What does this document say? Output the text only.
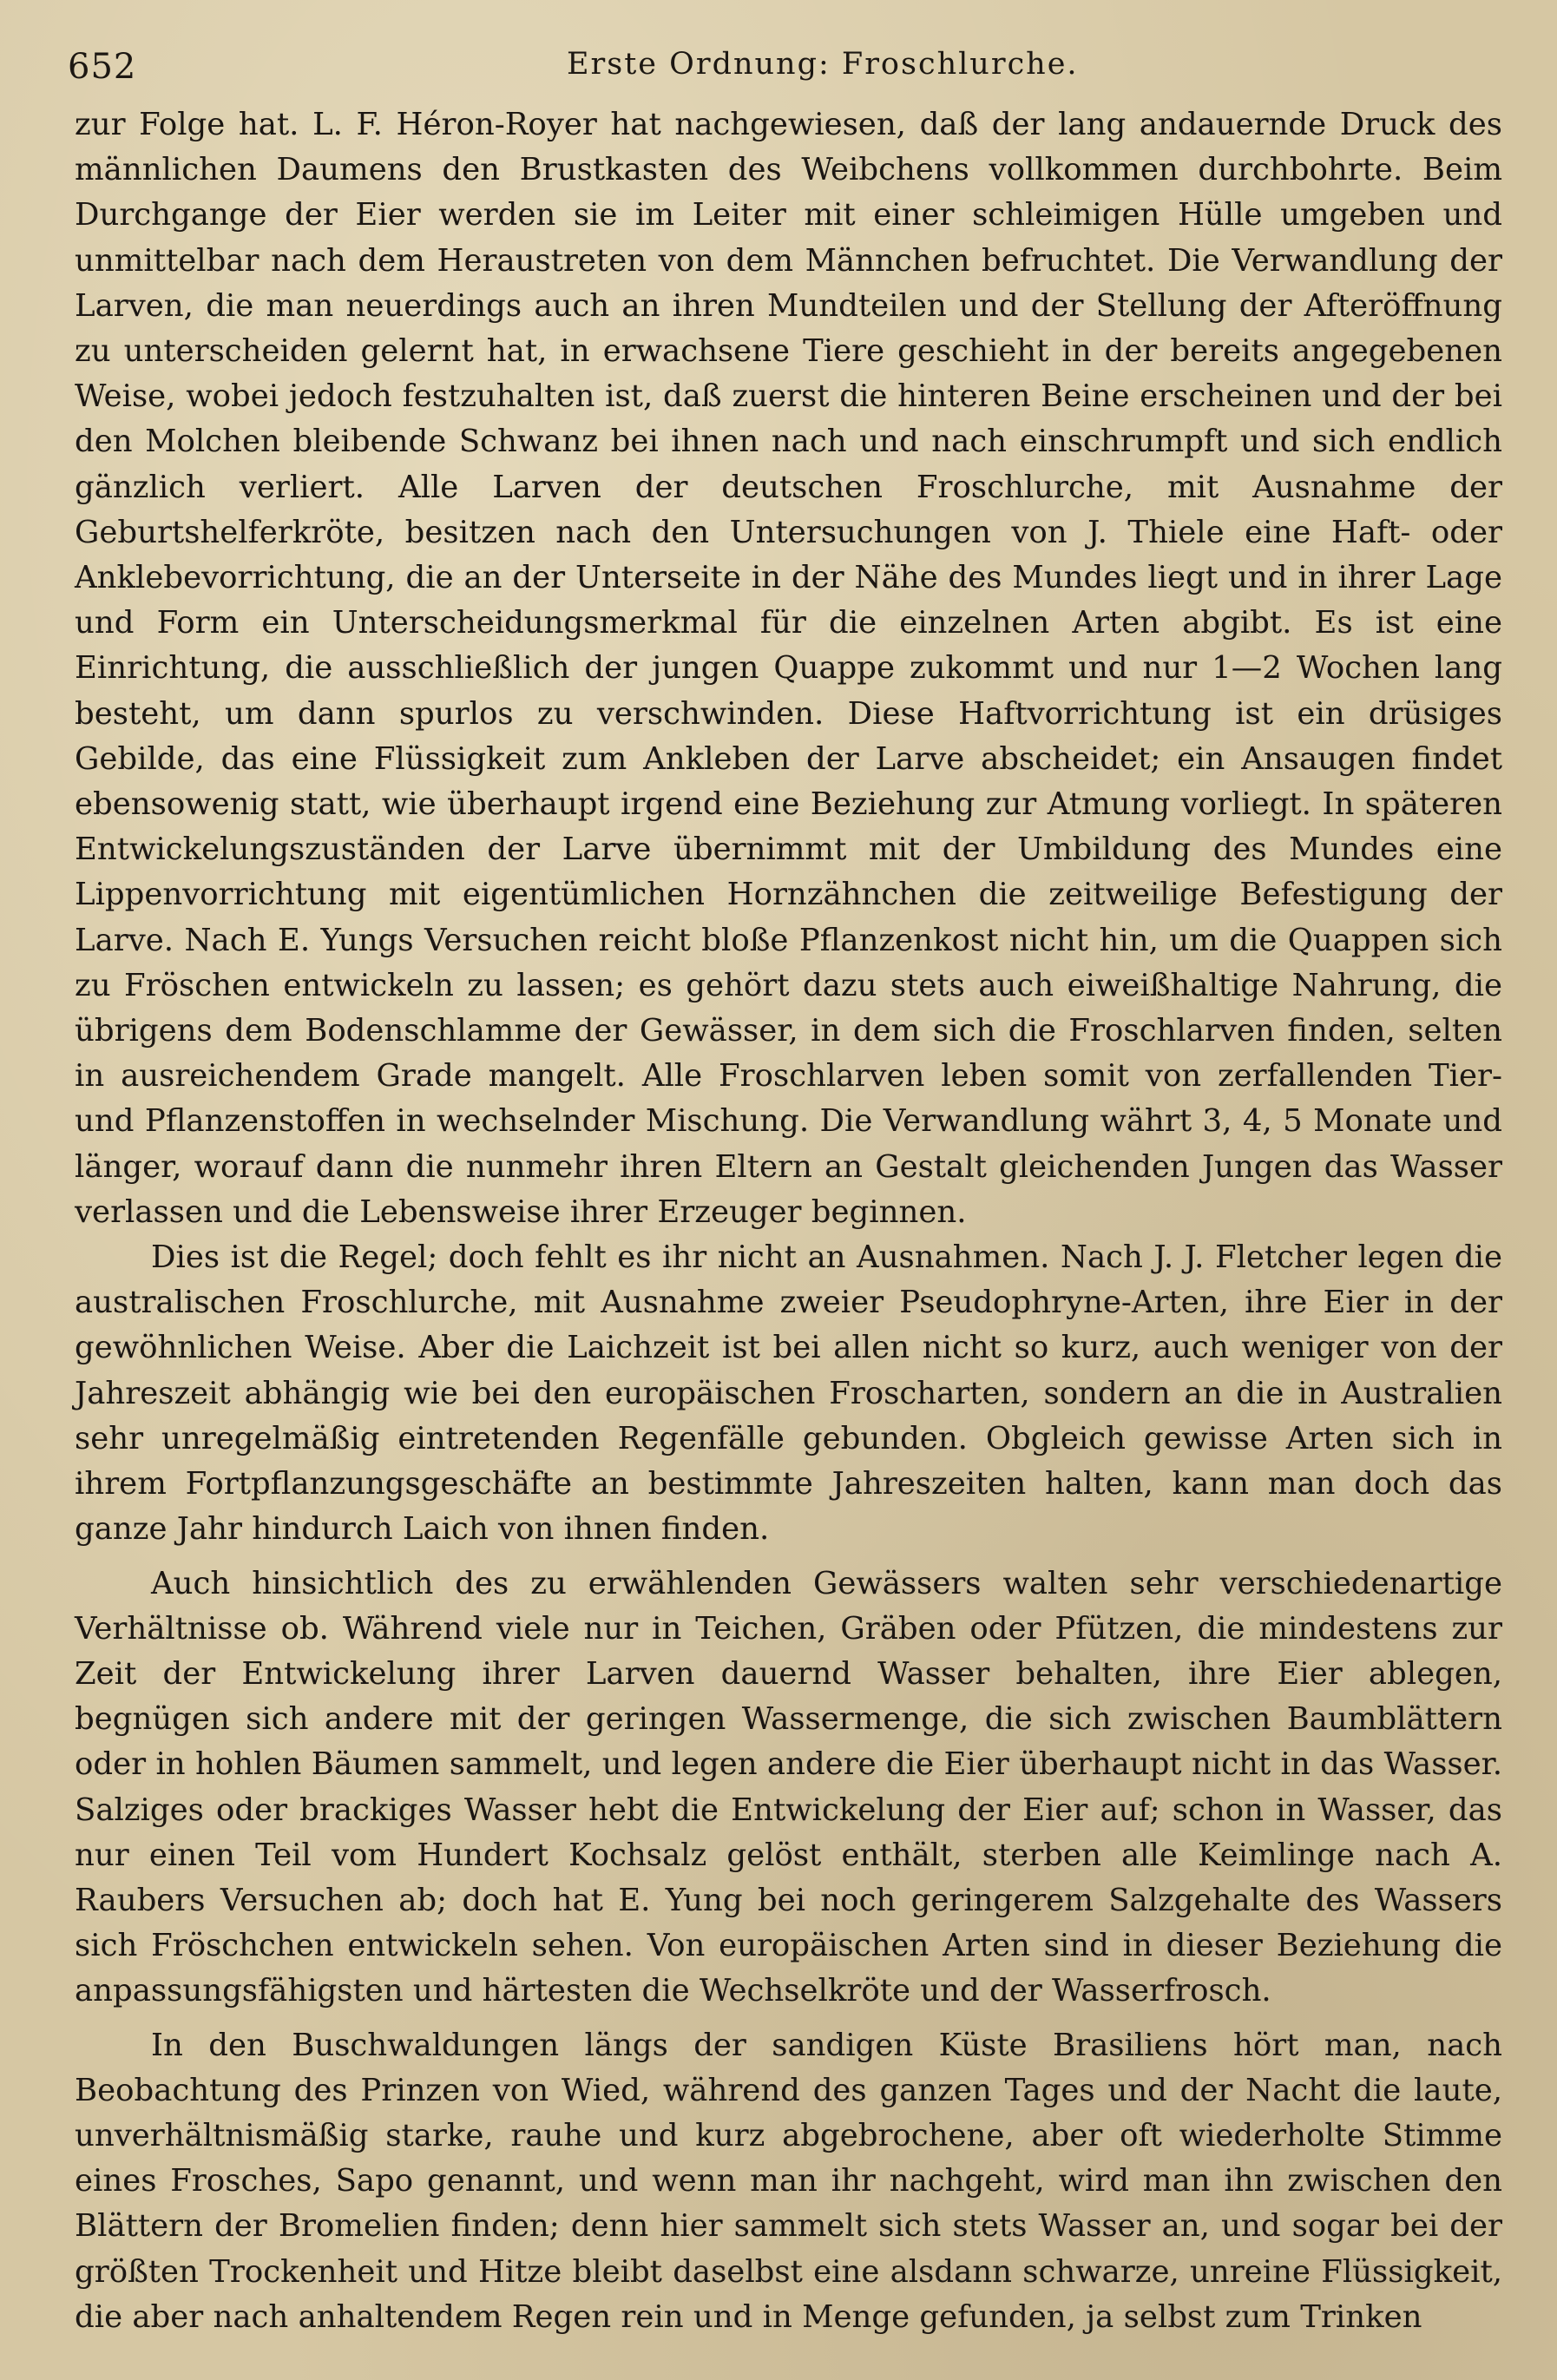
652	Erste Ordnung: Froschlurche.

zur Folge hat. L. F. Héron-Royer hat nachgewiesen, daß der lang andauernde Druck des männlichen Daumens den Brustkasten des Weibchens vollkommen durchbohrte. Beim Durchgange der Eier werden sie im Leiter mit einer schleimigen Hülle umgeben und unmittelbar nach dem Heraustreten von dem Männchen befruchtet. Die Verwandlung der Larven, die man neuerdings auch an ihren Mundteilen und der Stellung der Afteröffnung zu unterscheiden gelernt hat, in erwachsene Tiere geschieht in der bereits angegebenen Weise, wobei jedoch festzuhalten ist, daß zuerst die hinteren Beine erscheinen und der bei den Molchen bleibende Schwanz bei ihnen nach und nach einschrumpft und sich endlich gänzlich verliert. Alle Larven der deutschen Froschlurche, mit Ausnahme der Geburtshelferkröte, besitzen nach den Untersuchungen von J. Thiele eine Haft- oder Anklebevorrichtung, die an der Unterseite in der Nähe des Mundes liegt und in ihrer Lage und Form ein Unterscheidungsmerkmal für die einzelnen Arten abgibt. Es ist eine Einrichtung, die ausschließlich der jungen Quappe zukommt und nur 1—2 Wochen lang besteht, um dann spurlos zu verschwinden. Diese Haftvorrichtung ist ein drüsiges Gebilde, das eine Flüssigkeit zum Ankleben der Larve abscheidet; ein Ansaugen findet ebensowenig statt, wie überhaupt irgend eine Beziehung zur Atmung vorliegt. In späteren Entwickelungszuständen der Larve übernimmt mit der Umbildung des Mundes eine Lippenvorrichtung mit eigentümlichen Hornzähnchen die zeitweilige Befestigung der Larve. Nach E. Yungs Versuchen reicht bloße Pflanzenkost nicht hin, um die Quappen sich zu Fröschen entwickeln zu lassen; es gehört dazu stets auch eiweißhaltige Nahrung, die übrigens dem Bodenschlamme der Gewässer, in dem sich die Froschlarven finden, selten in ausreichendem Grade mangelt. Alle Froschlarven leben somit von zerfallenden Tier- und Pflanzenstoffen in wechselnder Mischung. Die Verwandlung währt 3, 4, 5 Monate und länger, worauf dann die nunmehr ihren Eltern an Gestalt gleichenden Jungen das Wasser verlassen und die Lebensweise ihrer Erzeuger beginnen.

Dies ist die Regel; doch fehlt es ihr nicht an Ausnahmen. Nach J. J. Fletcher legen die australischen Froschlurche, mit Ausnahme zweier Pseudophryne-Arten, ihre Eier in der gewöhnlichen Weise. Aber die Laichzeit ist bei allen nicht so kurz, auch weniger von der Jahreszeit abhängig wie bei den europäischen Froscharten, sondern an die in Australien sehr unregelmäßig eintretenden Regenfälle gebunden. Obgleich gewisse Arten sich in ihrem Fortpflanzungsgeschäfte an bestimmte Jahreszeiten halten, kann man doch das ganze Jahr hindurch Laich von ihnen finden.

Auch hinsichtlich des zu erwählenden Gewässers walten sehr verschiedenartige Verhältnisse ob. Während viele nur in Teichen, Gräben oder Pfützen, die mindestens zur Zeit der Entwickelung ihrer Larven dauernd Wasser behalten, ihre Eier ablegen, begnügen sich andere mit der geringen Wassermenge, die sich zwischen Baumblättern oder in hohlen Bäumen sammelt, und legen andere die Eier überhaupt nicht in das Wasser. Salziges oder brackiges Wasser hebt die Entwickelung der Eier auf; schon in Wasser, das nur einen Teil vom Hundert Kochsalz gelöst enthält, sterben alle Keimlinge nach A. Raubers Versuchen ab; doch hat E. Yung bei noch geringerem Salzgehalte des Wassers sich Fröschchen entwickeln sehen. Von europäischen Arten sind in dieser Beziehung die anpassungsfähigsten und härtesten die Wechselkröte und der Wasserfrosch.

In den Buschwaldungen längs der sandigen Küste Brasiliens hört man, nach Beobachtung des Prinzen von Wied, während des ganzen Tages und der Nacht die laute, unverhältnismäßig starke, rauhe und kurz abgebrochene, aber oft wiederholte Stimme eines Frosches, Sapo genannt, und wenn man ihr nachgeht, wird man ihn zwischen den Blättern der Bromelien finden; denn hier sammelt sich stets Wasser an, und sogar bei der größten Trockenheit und Hitze bleibt daselbst eine alsdann schwarze, unreine Flüssigkeit, die aber nach anhaltendem Regen rein und in Menge gefunden, ja selbst zum Trinken
